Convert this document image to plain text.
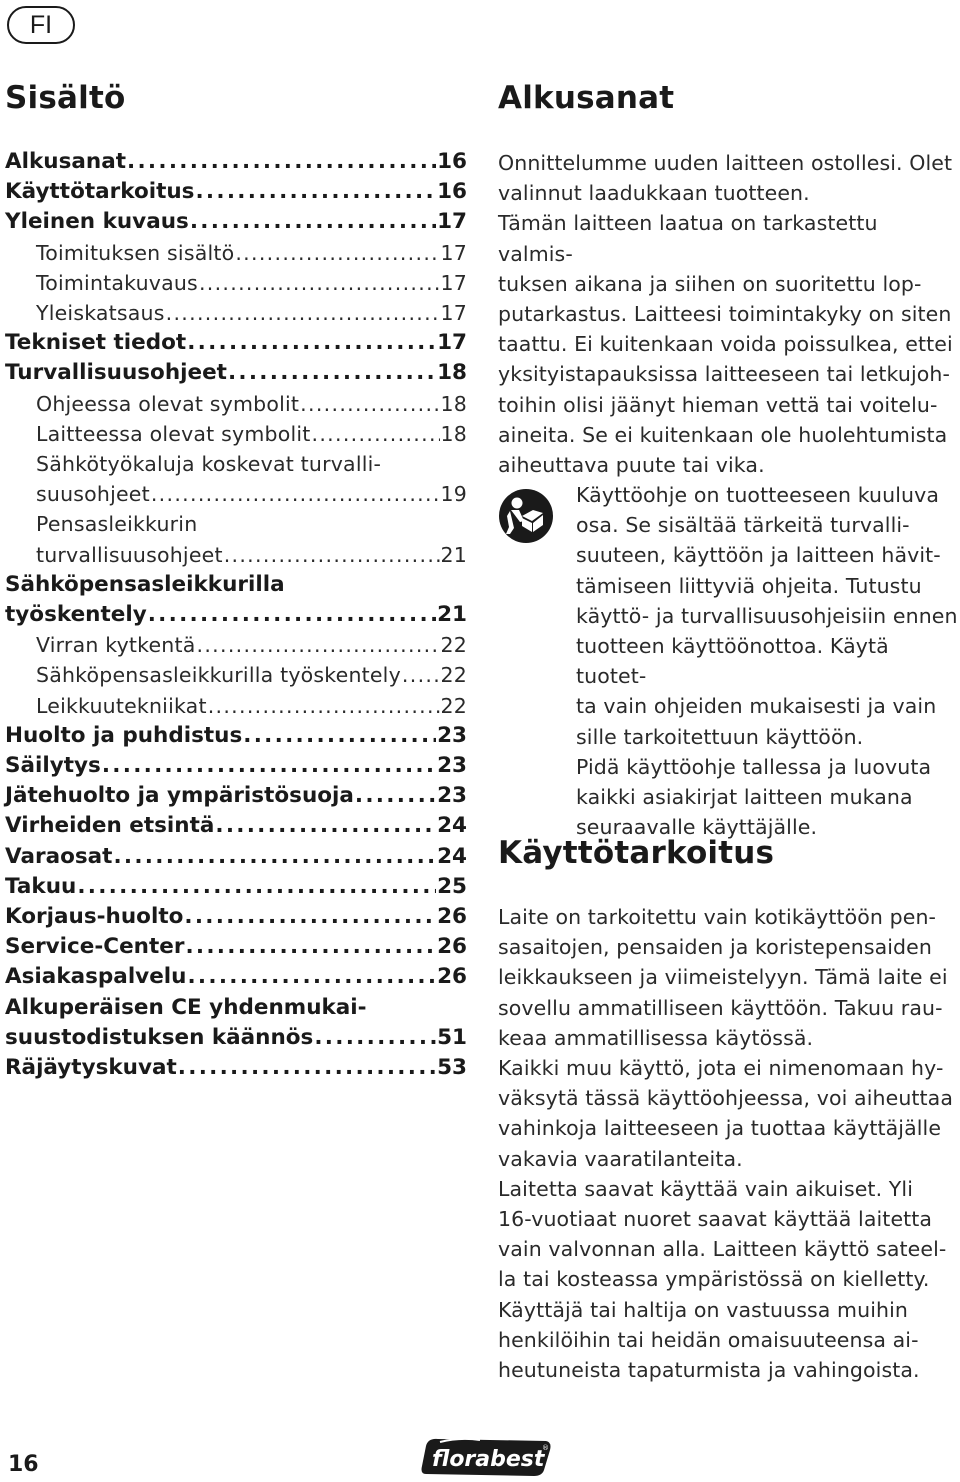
FI
Sisältö
Alkusanat . . .	16
Käyttötarkoitus . . .	16
Yleinen kuvaus . . .	17
Toimituksen sisältö . . .	17
Toimintakuvaus . . .	17
Yleiskatsaus . . .	17
Tekniset tiedot . . .	17
Turvallisuusohjeet . . .	18
Ohjeessa olevat symbolit . . .	18
Laitteessa olevat symbolit . . .	18
Sähkötyökaluja koskevat turvalli-
suusohjeet . . .	19
Pensasleikkurin
turvallisuusohjeet . . .	21
Sähköpensasleikkurilla
työskentely . . .	21
Virran kytkentä . . .	22
Sähköpensasleikkurilla työskentely . . . 22
Leikkuutekniikat . . .	22
Huolto ja puhdistus . . .	23
Säilytys . . .	23
Jätehuolto ja ympäristösuoja . . .	23
Virheiden etsintä . . .	24
Varaosat . . .	24
Takuu . . .	25
Korjaus-huolto . . .	26
Service-Center . . .	26
Asiakaspalvelu . . .	26
Alkuperäisen CE yhdenmukai-
suustodistuksen käännös . . .	51
Räjäytyskuvat . . .	53
Alkusanat

Onnittelumme uuden laitteen ostollesi. Olet

valinnut laadukkaan tuotteen.

Tämän laitteen laatua on tarkastettu valmis-

tuksen aikana ja siihen on suoritettu lop-

putarkastus. Laitteesi toimintakyky on siten

taattu. Ei kuitenkaan voida poissulkea, ettei

yksityistapauksissa laitteeseen tai letkujoh-

toihin olisi jäänyt hieman vettä tai voitelu-

aineita. Se ei kuitenkaan ole huolehtumista

aiheuttava puute tai vika.

Käyttöohje on tuotteeseen kuuluva

osa. Se sisältää tärkeitä turvalli-

suuteen, käyttöön ja laitteen hävit-

tämiseen liittyviä ohjeita. Tutustu

käyttö- ja turvallisuusohjeisiin ennen

tuotteen käyttöönottoa. Käytä tuotet-

ta vain ohjeiden mukaisesti ja vain

sille tarkoitettuun käyttöön.

Pidä käyttöohje tallessa ja luovuta

kaikki asiakirjat laitteen mukana

seuraavalle käyttäjälle.

Käyttötarkoitus

Laite on tarkoitettu vain kotikäyttöön pen-

sasaitojen, pensaiden ja koristepensaiden

leikkaukseen ja viimeistelyyn. Tämä laite ei

sovellu ammatilliseen käyttöön. Takuu rau-

keaa ammatillisessa käytössä.

Kaikki muu käyttö, jota ei nimenomaan hy-

väksytä tässä käyttöohjeessa, voi aiheuttaa

vahinkoja laitteeseen ja tuottaa käyttäjälle

vakavia vaaratilanteita.

Laitetta saavat käyttää vain aikuiset. Yli

16-vuotiaat nuoret saavat käyttää laitetta

vain valvonnan alla. Laitteen käyttö sateel-

la tai kosteassa ympäristössä on kielletty.

Käyttäjä tai haltija on vastuussa muihin

henkilöihin tai heidän omaisuuteensa ai-

heutuneista tapaturmista ja vahingoista.

16	florabest
®
